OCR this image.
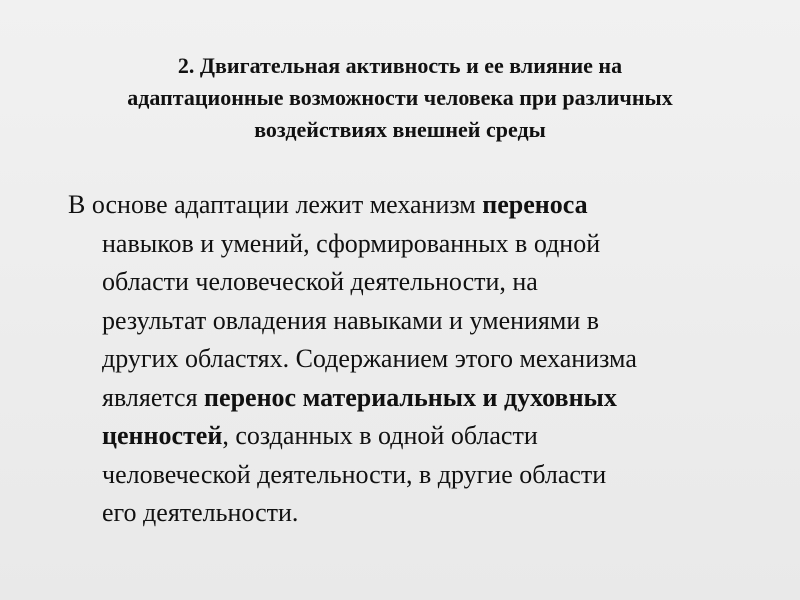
2. Двигательная активность и ее влияние на
адаптационные возможности человека при различных
воздействиях внешней среды
В основе адаптации лежит механизм переноса
навыков и умений, сформированных в одной
области человеческой деятельности, на
результат овладения навыками и умениями в
других областях. Содержанием этого механизма
является перенос материальных и духовных
ценностей, созданных в одной области
человеческой деятельности, в другие области
его деятельности.
